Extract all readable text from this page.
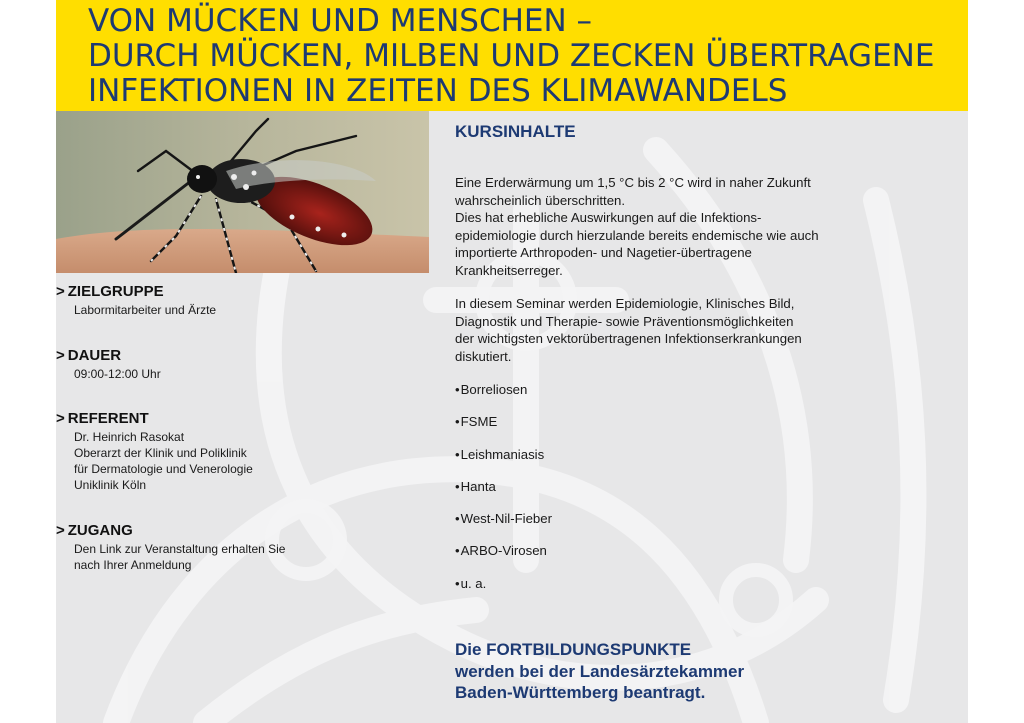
VON MÜCKEN UND MENSCHEN –
DURCH MÜCKEN, MILBEN UND ZECKEN ÜBERTRAGENE
INFEKTIONEN IN ZEITEN DES KLIMAWANDELS
> ZIELGRUPPE
Labormitarbeiter und Ärzte
> DAUER
09:00-12:00 Uhr
> REFERENT
Dr. Heinrich Rasokat
Oberarzt der Klinik und Poliklinik
für Dermatologie und Venerologie
Uniklinik Köln
> ZUGANG
Den Link zur Veranstaltung erhalten Sie
nach Ihrer Anmeldung
KURSINHALTE
Eine Erderwärmung um 1,5 °C bis 2 °C wird in naher Zukunft
wahrscheinlich überschritten.
Dies hat erhebliche Auswirkungen auf die Infektions-
epidemiologie durch hierzulande bereits endemische wie auch
importierte Arthropoden- und Nagetier-übertragene
Krankheitserreger.
In diesem Seminar werden Epidemiologie, Klinisches Bild,
Diagnostik und Therapie- sowie Präventionsmöglichkeiten
der wichtigsten vektorübertragenen Infektionserkrankungen
diskutiert.
•Borreliosen
•FSME
•Leishmaniasis
•Hanta
•West-Nil-Fieber
•ARBO-Virosen
•u. a.
Die FORTBILDUNGSPUNKTE
werden bei der Landesärztekammer
Baden-Württemberg beantragt.
